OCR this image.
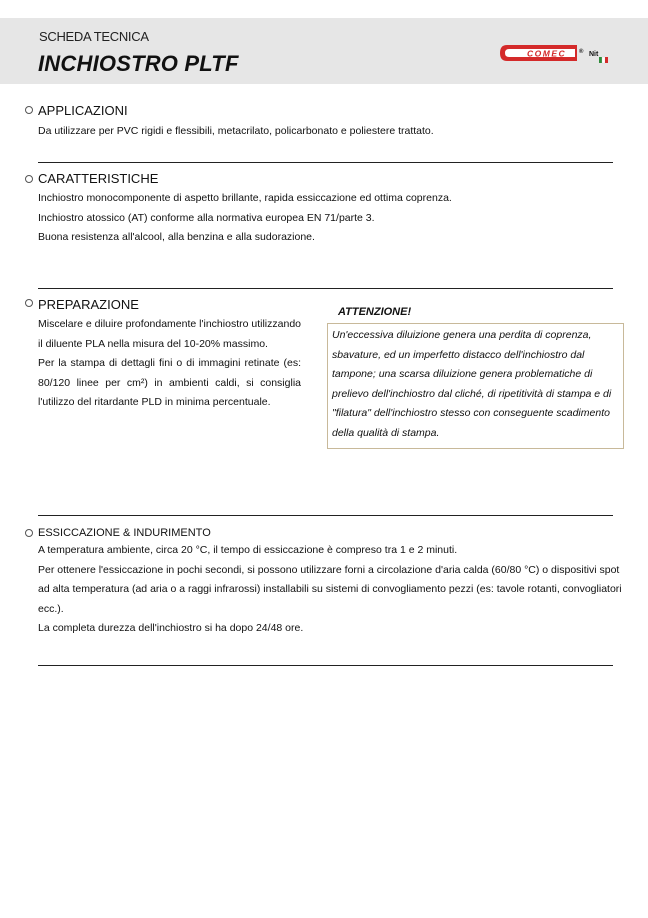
SCHEDA TECNICA
INCHIOSTRO PLTF	COMEC ® Nit
APPLICAZIONI

Da utilizzare per PVC rigidi e flessibili, metacrilato, policarbonato e poliestere trattato.

CARATTERISTICHE

Inchiostro monocomponente di aspetto brillante, rapida essiccazione ed ottima coprenza.

Inchiostro atossico (AT) conforme alla normativa europea EN 71/parte 3.

Buona resistenza all'alcool, alla benzina e alla sudorazione.

PREPARAZIONE

Miscelare e diluire profondamente l'inchiostro utilizzando il diluente PLA nella misura del 10-20% massimo.

Per la stampa di dettagli fini o di immagini retinate (es: 80/120 linee per cm²) in ambienti caldi, si consiglia l'utilizzo del ritardante PLD in minima percentuale.

ATTENZIONE!

Un'eccessiva diluizione genera una perdita di coprenza, sbavature, ed un imperfetto distacco dell'inchiostro dal tampone; una scarsa diluizione genera problematiche di prelievo dell'inchiostro dal cliché, di ripetitività di stampa e di "filatura" dell'inchiostro stesso con conseguente scadimento della qualità di stampa.

ESSICCAZIONE & INDURIMENTO

A temperatura ambiente, circa 20 °C, il tempo di essiccazione è compreso tra 1 e 2 minuti.

Per ottenere l'essiccazione in pochi secondi, si possono utilizzare forni a circolazione d'aria calda (60/80 °C) o dispositivi spot

ad alta temperatura (ad aria o a raggi infrarossi) installabili su sistemi di convogliamento pezzi (es: tavole rotanti, convogliatori

ecc.).

La completa durezza dell'inchiostro si ha dopo 24/48 ore.
